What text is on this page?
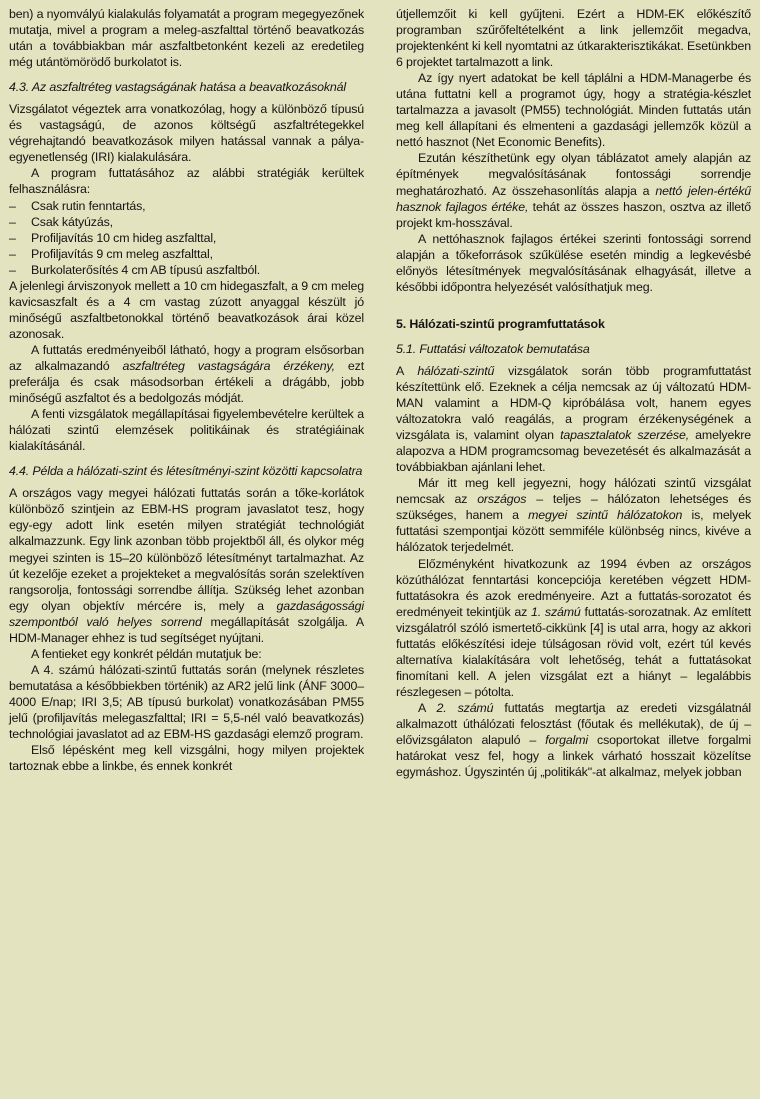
ben) a nyomvályú kialakulás folyamatát a program megegyezőnek mutatja, mivel a program a meleg-aszfalttal történő beavatkozás után a továbbiakban már aszfaltbetonként kezeli az eredetileg még utántömörödő burkolatot is.

4.3. Az aszfaltréteg vastagságának hatása a beavatkozásoknál

Vizsgálatot végeztek arra vonatkozólag, hogy a különböző típusú és vastagságú, de azonos költségű aszfaltrétegekkel végrehajtandó beavatkozások milyen hatással vannak a pálya-egyenetlenség (IRI) kialakulására.

A program futtatásához az alábbi stratégiák kerültek felhasználásra:

– Csak rutin fenntartás,
– Csak kátyúzás,
– Profiljavítás 10 cm hideg aszfalttal,
– Profiljavítás 9 cm meleg aszfalttal,
– Burkolaterősítés 4 cm AB típusú aszfaltból.

A jelenlegi árviszonyok mellett a 10 cm hidegaszfalt, a 9 cm meleg kavicsaszfalt és a 4 cm vastag zúzott anyaggal készült jó minőségű aszfaltbetonokkal történő beavatkozások árai közel azonosak.

A futtatás eredményeiből látható, hogy a program elsősorban az alkalmazandó aszfaltréteg vastagságára érzékeny, ezt preferálja és csak másodsorban értékeli a drágább, jobb minőségű aszfaltot és a bedolgozás módját.

A fenti vizsgálatok megállapításai figyelembevételre kerültek a hálózati szintű elemzések politikáinak és stratégiáinak kialakításánál.

4.4. Példa a hálózati-szint és létesítményi-szint közötti kapcsolatra

A országos vagy megyei hálózati futtatás során a tőke-korlátok különböző szintjein az EBM-HS program javaslatot tesz, hogy egy-egy adott link esetén milyen stratégiát technológiát alkalmazzunk. Egy link azonban több projektből áll, és olykor még megyei szinten is 15–20 különböző létesítményt tartalmazhat. Az út kezelője ezeket a projekteket a megvalósítás során szelektíven rangsorolja, fontossági sorrendbe állítja. Szükség lehet azonban egy olyan objektív mércére is, mely a gazdaságossági szempontból való helyes sorrend megállapítását szolgálja. A HDM-Manager ehhez is tud segítséget nyújtani.

A fentieket egy konkrét példán mutatjuk be:

A 4. számú hálózati-szintű futtatás során (melynek részletes bemutatása a későbbiekben történik) az AR2 jelű link (ÁNF 3000–4000 E/nap; IRI 3,5; AB típusú burkolat) vonatkozásában PM55 jelű (profiljavítás melegaszfalttal; IRI = 5,5-nél való beavatkozás) technológiai javaslatot ad az EBM-HS gazdasági elemző program.

Első lépésként meg kell vizsgálni, hogy milyen projektek tartoznak ebbe a linkbe, és ennek konkrét

útjellemzőit ki kell gyűjteni. Ezért a HDM-EK előkészítő programban szűrőfeltételként a link jellemzőit megadva, projektenként ki kell nyomtatni az útkarakterisztikákat. Esetünkben 6 projektet tartalmazott a link.

Az így nyert adatokat be kell táplálni a HDM-Managerbe és utána futtatni kell a programot úgy, hogy a stratégia-készlet tartalmazza a javasolt (PM55) technológiát. Minden futtatás után meg kell állapítani és elmenteni a gazdasági jellemzők közül a nettó hasznot (Net Economic Benefits).

Ezután készíthetünk egy olyan táblázatot amely alapján az építmények megvalósításának fontossági sorrendje meghatározható. Az összehasonlítás alapja a nettó jelen-értékű hasznok fajlagos értéke, tehát az összes haszon, osztva az illető projekt km-hosszával.

A nettóhasznok fajlagos értékei szerinti fontossági sorrend alapján a tőkeforrások szűkülése esetén mindig a legkevésbé előnyös létesítmények megvalósításának elhagyását, illetve a későbbi időpontra helyezését valósíthatjuk meg.

5. Hálózati-szintű programfuttatások
5.1. Futtatási változatok bemutatása

A hálózati-szintű vizsgálatok során több programfuttatást készítettünk elő. Ezeknek a célja nemcsak az új változatú HDM-MAN valamint a HDM-Q kipróbálása volt, hanem egyes változatokra való reagálás, a program érzékenységének a vizsgálata is, valamint olyan tapasztalatok szerzése, amelyekre alapozva a HDM programcsomag bevezetését és alkalmazását a továbbiakban ajánlani lehet.

Már itt meg kell jegyezni, hogy hálózati szintű vizsgálat nemcsak az országos – teljes – hálózaton lehetséges és szükséges, hanem a megyei szintű hálózatokon is, melyek futtatási szempontjai között semmiféle különbség nincs, kivéve a hálózatok terjedelmét.

Előzményként hivatkozunk az 1994 évben az országos közúthálózat fenntartási koncepciója keretében végzett HDM-futtatásokra és azok eredményeire. Azt a futtatás-sorozatot és eredményeit tekintjük az 1. számú futtatás-sorozatnak. Az említett vizsgálatról szóló ismertető-cikkünk [4] is utal arra, hogy az akkori futtatás előkészítési ideje túlságosan rövid volt, ezért túl kevés alternatíva kialakítására volt lehetőség, tehát a futtatásokat finomítani kell. A jelen vizsgálat ezt a hiányt – legalábbis részlegesen – pótolta.

A 2. számú futtatás megtartja az eredeti vizsgálatnál alkalmazott úthálózati felosztást (főutak és mellékutak), de új – elővizsgálaton alapuló – forgalmi csoportokat illetve forgalmi határokat vesz fel, hogy a linkek várható hosszait közelítse egymáshoz. Úgyszintén új „politikák"-at alkalmaz, melyek jobban
